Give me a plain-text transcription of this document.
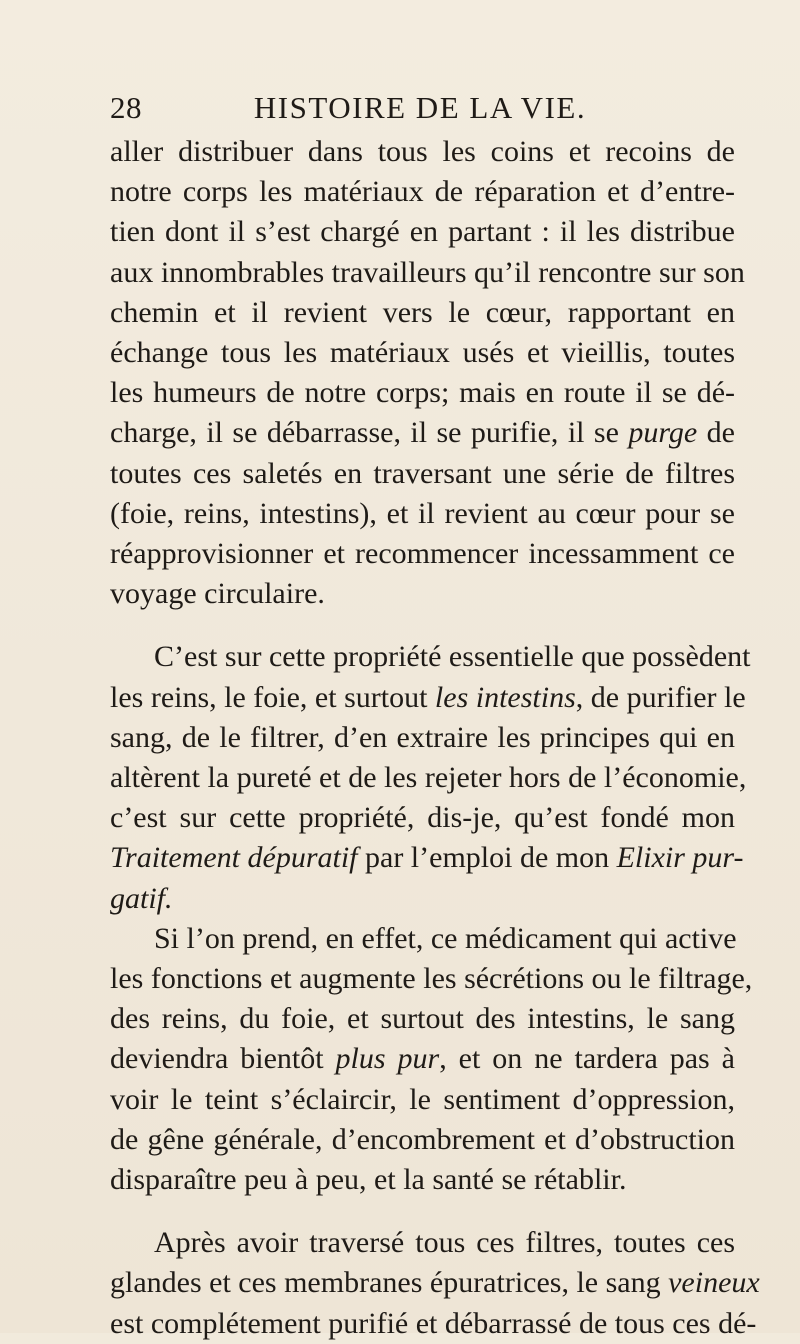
28	HISTOIRE DE LA VIE.

aller distribuer dans tous les coins et recoins de
notre corps les matériaux de réparation et d’entre-
tien dont il s’est chargé en partant : il les distribue
aux innombrables travailleurs qu’il rencontre sur son
chemin et il revient vers le cœur, rapportant en
échange tous les matériaux usés et vieillis, toutes
les humeurs de notre corps; mais en route il se dé-
charge, il se débarrasse, il se purifie, il se purge de
toutes ces saletés en traversant une série de filtres
(foie, reins, intestins), et il revient au cœur pour se
réapprovisionner et recommencer incessamment ce
voyage circulaire.

C’est sur cette propriété essentielle que possèdent
les reins, le foie, et surtout les intestins, de purifier le
sang, de le filtrer, d’en extraire les principes qui en
altèrent la pureté et de les rejeter hors de l’économie,
c’est sur cette propriété, dis-je, qu’est fondé mon
Traitement dépuratif par l’emploi de mon Elixir pur-
gatif.

Si l’on prend, en effet, ce médicament qui active
les fonctions et augmente les sécrétions ou le filtrage,
des reins, du foie, et surtout des intestins, le sang
deviendra bientôt plus pur, et on ne tardera pas à
voir le teint s’éclaircir, le sentiment d’oppression,
de gêne générale, d’encombrement et d’obstruction
disparaître peu à peu, et la santé se rétablir.

Après avoir traversé tous ces filtres, toutes ces
glandes et ces membranes épuratrices, le sang veineux
est complétement purifié et débarrassé de tous ces dé-
